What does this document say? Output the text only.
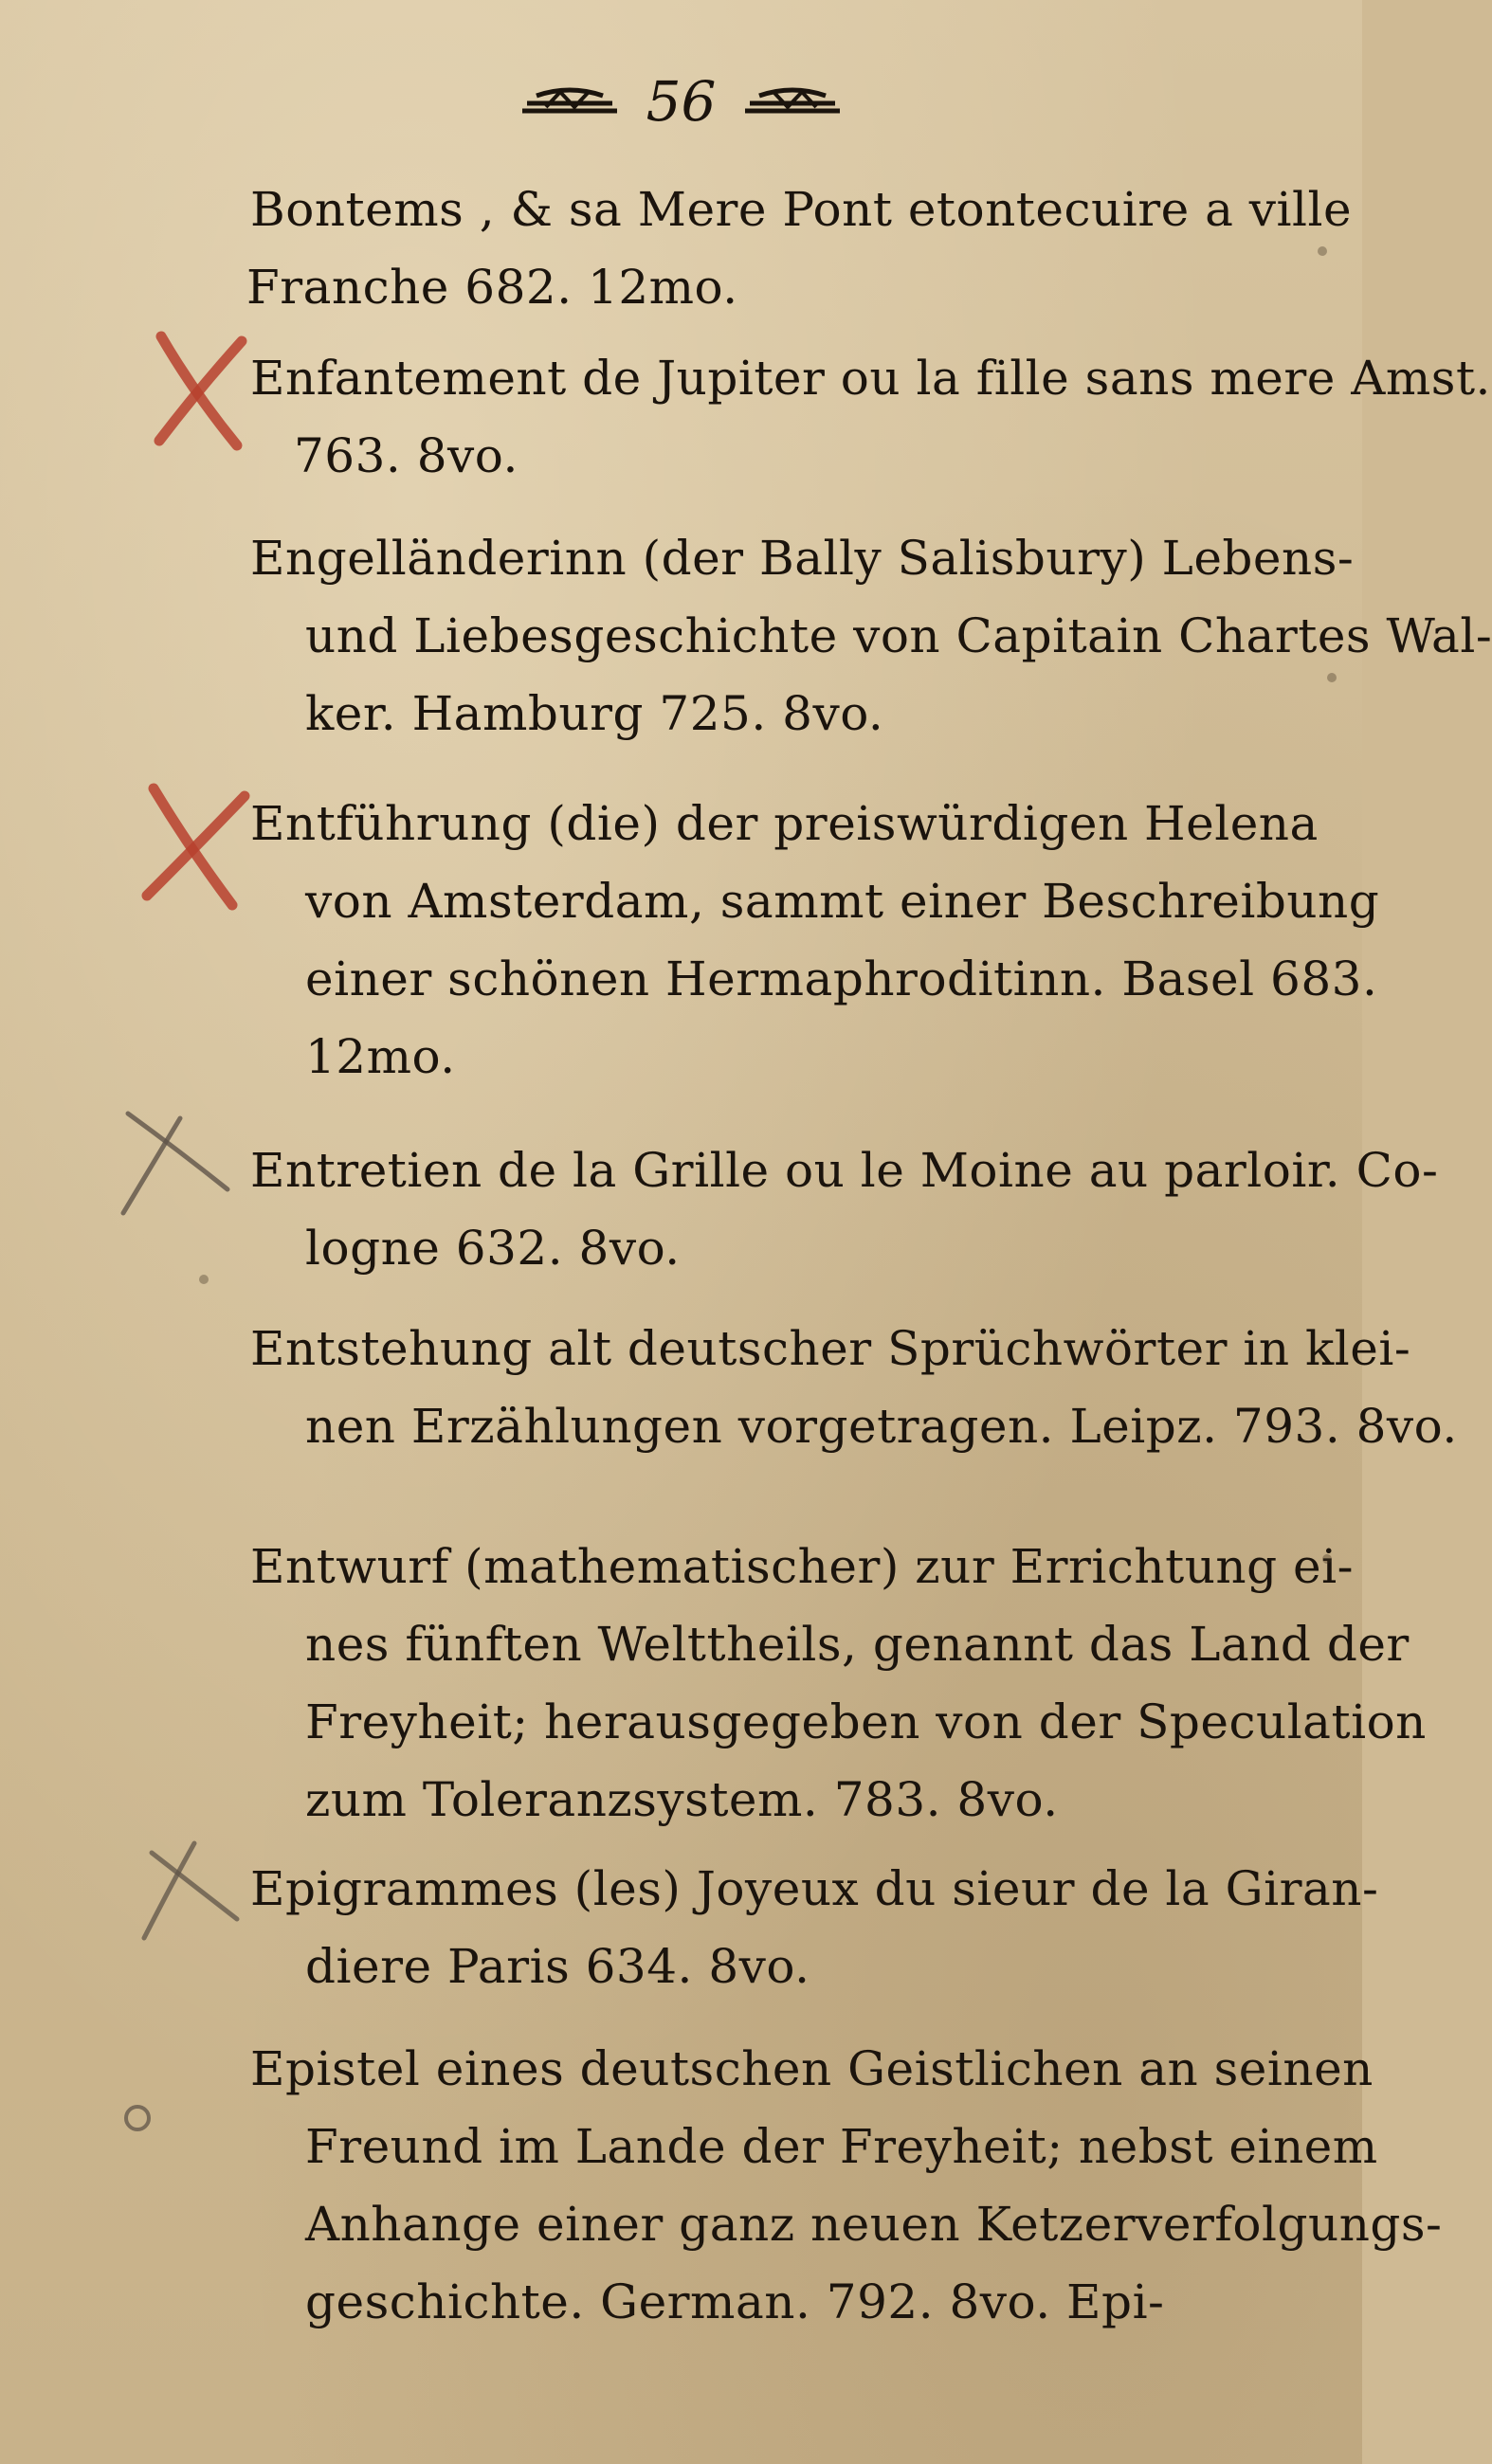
56
Bontems , & sa Mere Pont etontecuire a ville
Franche 682. 12mo.
Enfantement de Jupiter ou la fille sans mere Amst.
763. 8vo.
Engelländerinn (der Bally Salisbury) Lebens-
und Liebesgeschichte von Capitain Chartes Wal-
ker. Hamburg 725. 8vo.
Entführung (die) der preiswürdigen Helena
von Amsterdam, sammt einer Beschreibung
einer schönen Hermaphroditinn. Basel 683.
12mo.
Entretien de la Grille ou le Moine au parloir. Co-
logne 632. 8vo.
Entstehung alt deutscher Sprüchwörter in klei-
nen Erzählungen vorgetragen. Leipz. 793. 8vo.
Entwurf (mathematischer) zur Errichtung ei-
nes fünften Welttheils, genannt das Land der
Freyheit; herausgegeben von der Speculation
zum Toleranzsystem. 783. 8vo.
Epigrammes (les) Joyeux du sieur de la Giran-
diere Paris 634. 8vo.
Epistel eines deutschen Geistlichen an seinen
Freund im Lande der Freyheit; nebst einem
Anhange einer ganz neuen Ketzerverfolgungs-
geschichte. German. 792. 8vo. Epi-
